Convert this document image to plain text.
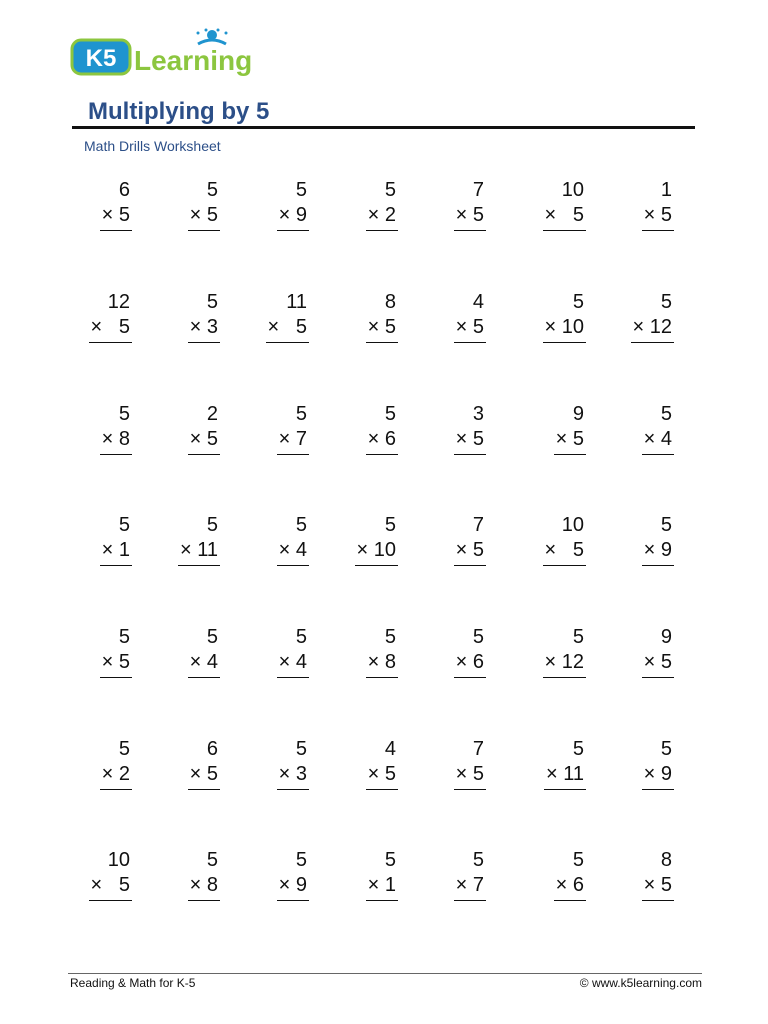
K5 Learning
Multiplying by 5
Math Drills Worksheet
6
× 5
5
× 5
5
× 9
5
× 2
7
× 5
10
×   5
1
× 5
12
×   5
5
× 3
11
×   5
8
× 5
4
× 5
5
× 10
5
× 12
5
× 8
2
× 5
5
× 7
5
× 6
3
× 5
9
× 5
5
× 4
5
× 1
5
× 11
5
× 4
5
× 10
7
× 5
10
×   5
5
× 9
5
× 5
5
× 4
5
× 4
5
× 8
5
× 6
5
× 12
9
× 5
5
× 2
6
× 5
5
× 3
4
× 5
7
× 5
5
× 11
5
× 9
10
×   5
5
× 8
5
× 9
5
× 1
5
× 7
5
× 6
8
× 5
Reading & Math for K-5	© www.k5learning.com
